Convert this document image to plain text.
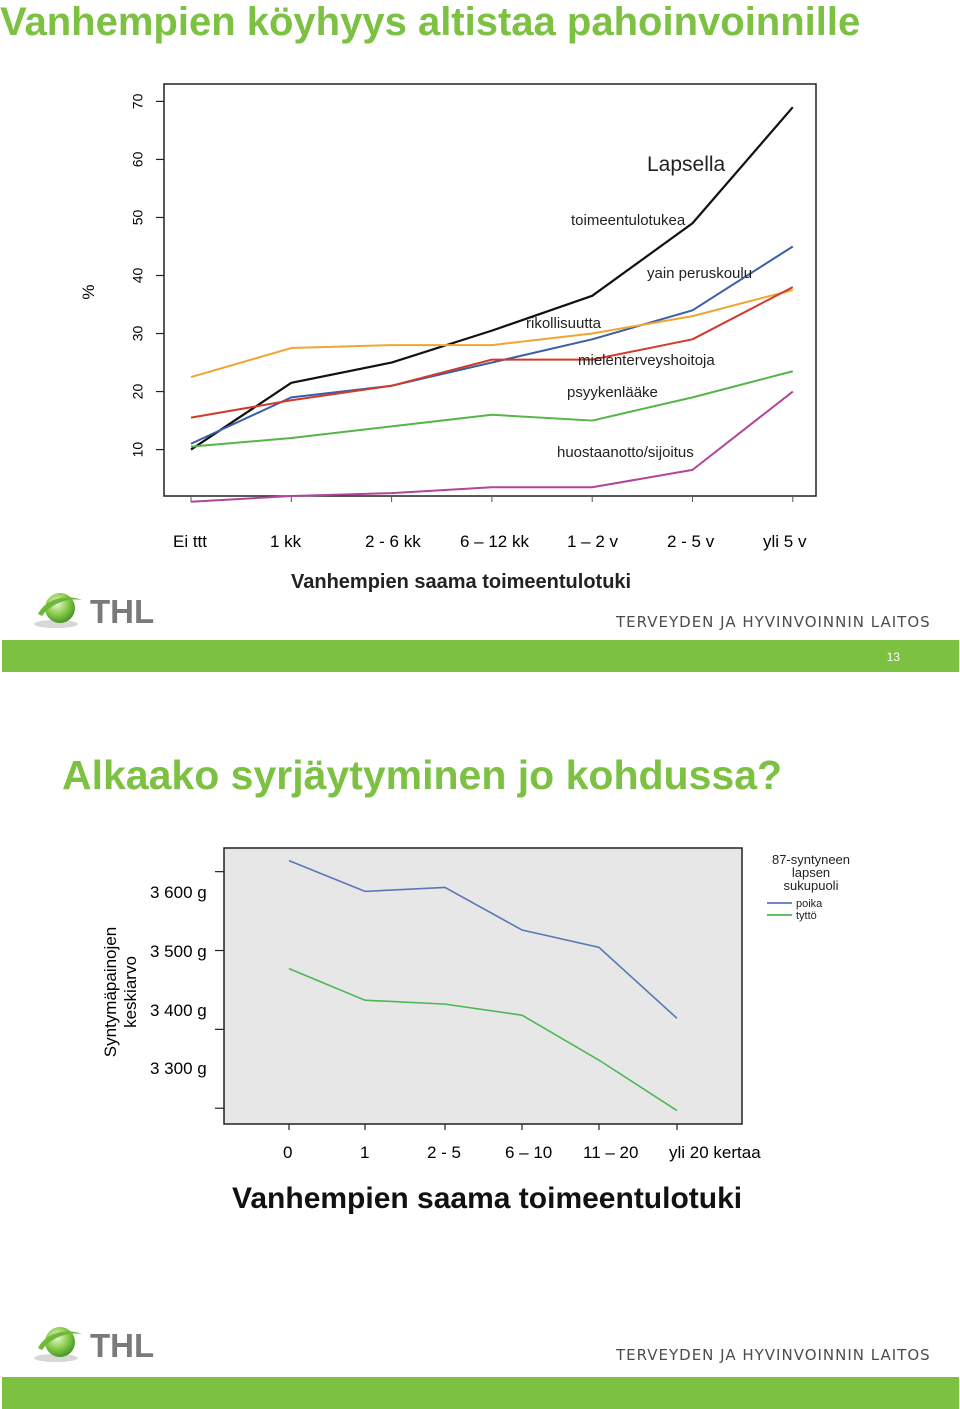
Vanhempien köyhyys altistaa pahoinvoinnille
10
20
30
40
50
60
70
%
Lapsella
toimeentulotukea
yain peruskoulu
rikollisuutta
mielenterveyshoitoja
psyykenlääke
huostaanotto/sijoitus
Ei ttt	1 kk	2 - 6 kk 6 – 12 kk 1 – 2 v	2 - 5 v	yli 5 v
Vanhempien saama toimeentulotuki
THL	TERVEYDEN JA HYVINVOINNIN LAITOS
13
Alkaako syrjäytyminen jo kohdussa?
87-syntyneen
lapsen
sukupuoli
poika
tyttö
Syntymäpainojen keskiarvo
3 600 g
3 500 g
3 400 g
3 300 g
0	1	2 - 5	6 – 10 11 – 20 yli 20 kertaa
Vanhempien saama toimeentulotuki
THL	TERVEYDEN JA HYVINVOINNIN LAITOS
